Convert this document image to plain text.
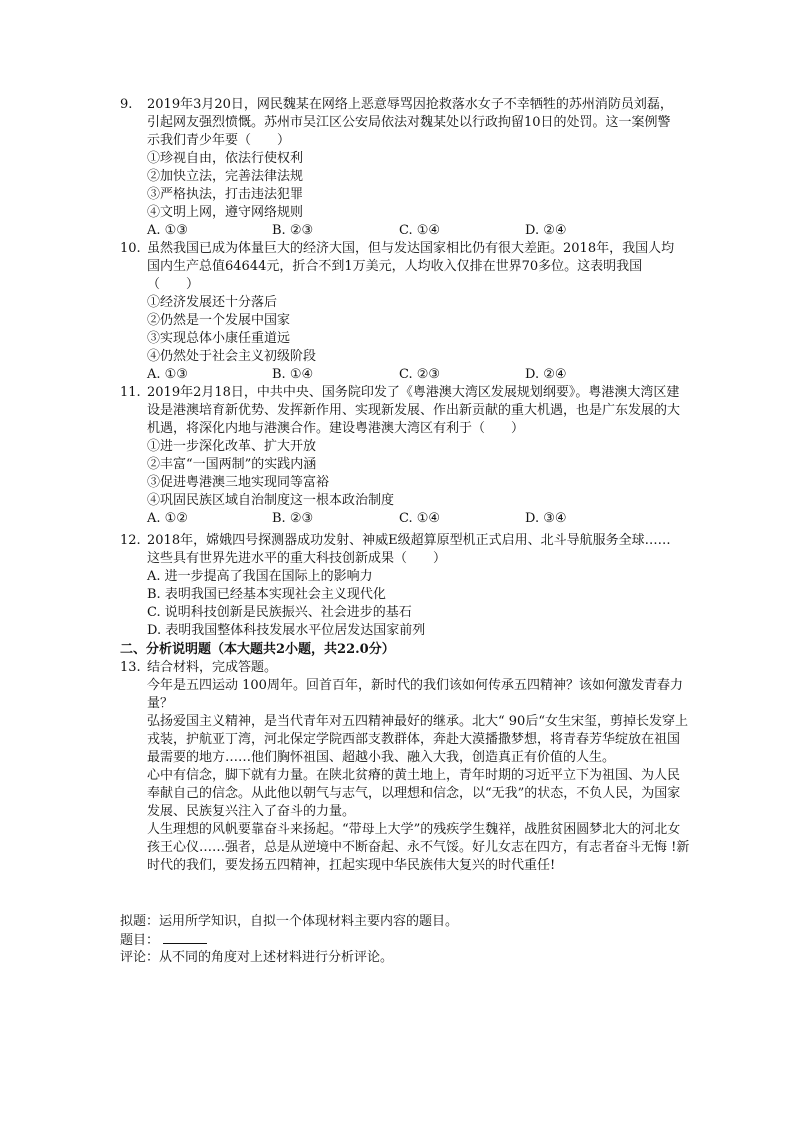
9.	2019年3月20日，网民魏某在网络上恶意辱骂因抢救落水女子不幸牺牲的苏州消防员刘磊，引起网友强烈愤慨。苏州市吴江区公安局依法对魏某处以行政拘留10日的处罚。这一案例警示我们青少年要（　　）
①珍视自由，依法行使权利
②加快立法，完善法律法规
③严格执法，打击违法犯罪
④文明上网，遵守网络规则
A. ①③	B. ②③	C. ①④	D. ②④
10. 虽然我国已成为体量巨大的经济大国，但与发达国家相比仍有很大差距。2018年，我国人均国内生产总值64644元，折合不到1万美元，人均收入仅排在世界70多位。这表明我国（　　）
①经济发展还十分落后
②仍然是一个发展中国家
③实现总体小康任重道远
④仍然处于社会主义初级阶段
A. ①③	B. ①④	C. ②③	D. ②④
11. 2019年2月18日，中共中央、国务院印发了《粤港澳大湾区发展规划纲要》。粤港澳大湾区建设是港澳培育新优势、发挥新作用、实现新发展、作出新贡献的重大机遇，也是广东发展的大机遇，将深化内地与港澳合作。建设粤港澳大湾区有利于（　　）
①进一步深化改革、扩大开放
②丰富“一国两制”的实践内涵
③促进粤港澳三地实现同等富裕
④巩固民族区域自治制度这一根本政治制度
A. ①②	B. ②③	C. ①④	D. ③④
12. 2018年，嫦娥四号探测器成功发射、神威E级超算原型机正式启用、北斗导航服务全球……这些具有世界先进水平的重大科技创新成果（　　）
A. 进一步提高了我国在国际上的影响力
B. 表明我国已经基本实现社会主义现代化
C. 说明科技创新是民族振兴、社会进步的基石
D. 表明我国整体科技发展水平位居发达国家前列
二、分析说明题（本大题共2小题，共22.0分）
13. 结合材料，完成答题。
今年是五四运动 100周年。回首百年，新时代的我们该如何传承五四精神？该如何激发青春力量？
弘扬爱国主义精神，是当代青年对五四精神最好的继承。北大“ 90后“女生宋玺，剪掉长发穿上戎装，护航亚丁湾，河北保定学院西部支教群体，奔赴大漠播撒梦想，将青春芳华绽放在祖国最需要的地方……他们胸怀祖国、超越小我、融入大我，创造真正有价值的人生。
心中有信念，脚下就有力量。在陕北贫瘠的黄土地上，青年时期的习近平立下为祖国、为人民奉献自己的信念。从此他以朝气与志气，以理想和信念，以“无我”的状态，不负人民，为国家发展、民族复兴注入了奋斗的力量。
人生理想的风帆要靠奋斗来扬起。“带母上大学”的残疾学生魏祥，战胜贫困圆梦北大的河北女孩王心仪……强者，总是从逆境中不断奋起、永不气馁。好儿女志在四方，有志者奋斗无悔 !新时代的我们，要发扬五四精神，扛起实现中华民族伟大复兴的时代重任!
拟题：运用所学知识，自拟一个体现材料主要内容的题目。
题目：
评论：从不同的角度对上述材料进行分析评论。
